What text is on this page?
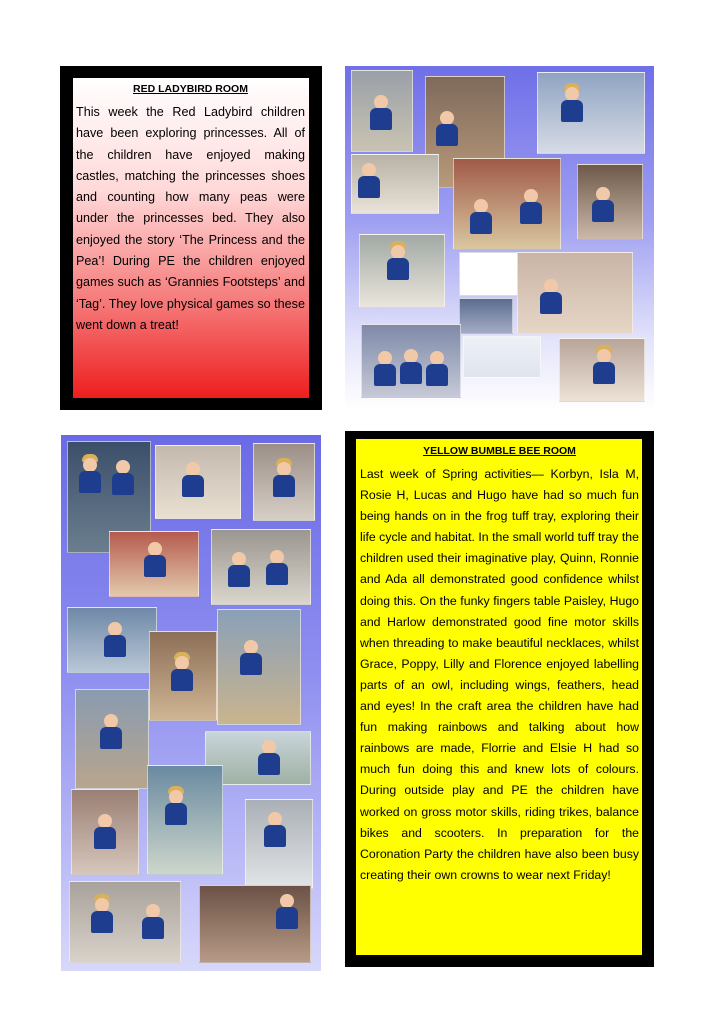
RED LADYBIRD ROOM

This week the Red Ladybird children have been exploring princesses. All of the children have enjoyed making castles, matching the princesses shoes and counting how many peas were under the princesses bed. They also enjoyed the story ‘The Princess and the Pea’! During PE the children enjoyed games such as ‘Grannies Footsteps’ and ‘Tag’. They love physical games so these went down a treat!

YELLOW BUMBLE BEE ROOM

Last week of Spring activities— Korbyn, Isla M, Rosie H, Lucas and Hugo have had so much fun being hands on in the frog tuff tray, exploring their life cycle and habitat. In the small world tuff tray the children used their imaginative play, Quinn, Ronnie and Ada all demonstrated good confidence whilst doing this. On the funky fingers table Paisley, Hugo and Harlow demonstrated good fine motor skills when threading to make beautiful necklaces, whilst Grace, Poppy, Lilly and Florence enjoyed labelling parts of an owl, including wings, feathers, head and eyes! In the craft area the children have had fun making rainbows and talking about how rainbows are made, Florrie and Elsie H had so much fun doing this and knew lots of colours. During outside play and PE the children have worked on gross motor skills, riding trikes, balance bikes and scooters. In preparation for the Coronation Party the children have also been busy creating their own crowns to wear next Friday!
